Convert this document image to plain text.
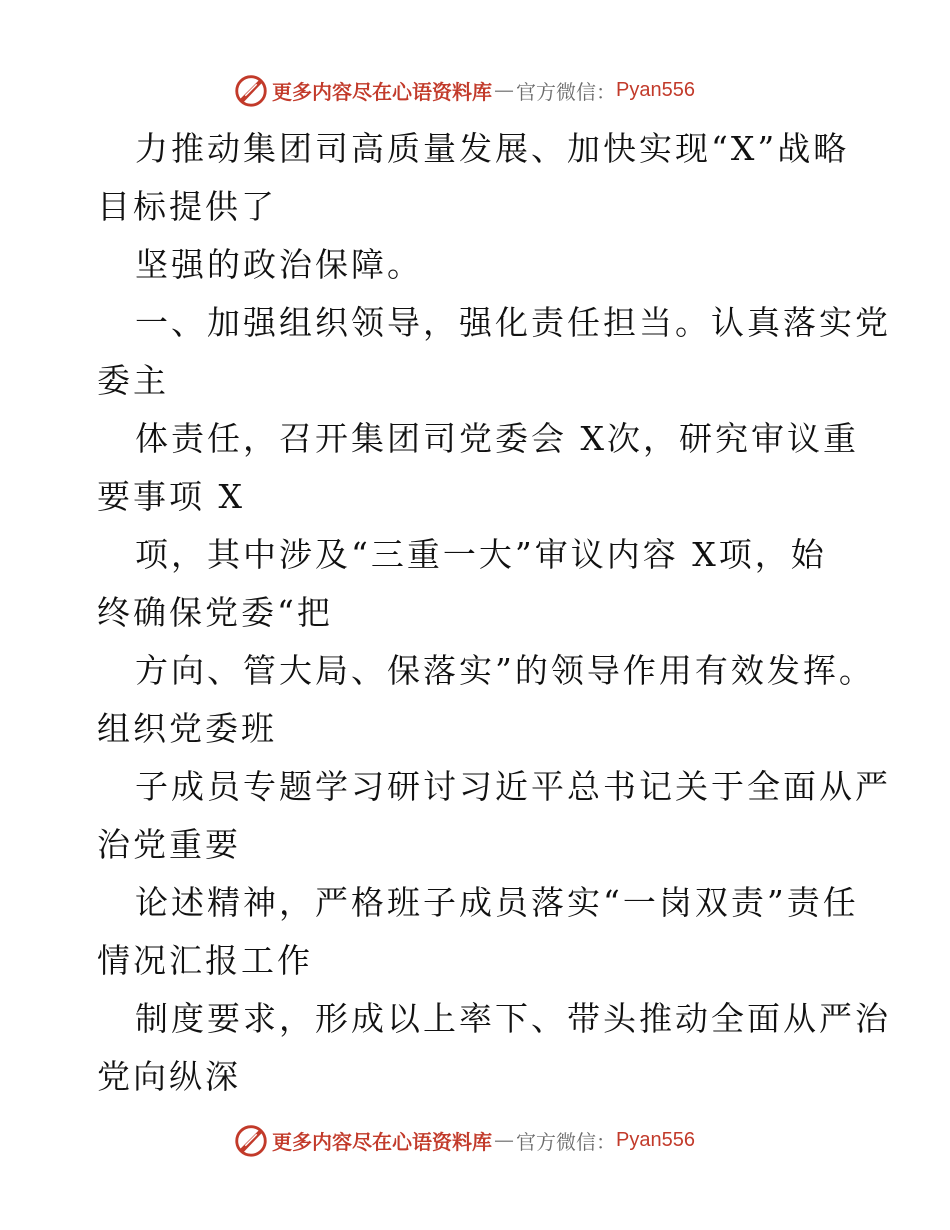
更多内容尽在心语资料库 — 官方微信： Pyan556
力推动集团司高质量发展、加快实现“X”战略
目标提供了
坚强的政治保障。
一、加强组织领导，强化责任担当。认真落实党
委主
体责任，召开集团司党委会 X次，研究审议重
要事项 X
项，其中涉及“三重一大”审议内容 X项，始
终确保党委“把
方向、管大局、保落实”的领导作用有效发挥。
组织党委班
子成员专题学习研讨习近平总书记关于全面从严
治党重要
论述精神，严格班子成员落实“一岗双责”责任
情况汇报工作
制度要求，形成以上率下、带头推动全面从严治
党向纵深
更多内容尽在心语资料库 — 官方微信： Pyan556
